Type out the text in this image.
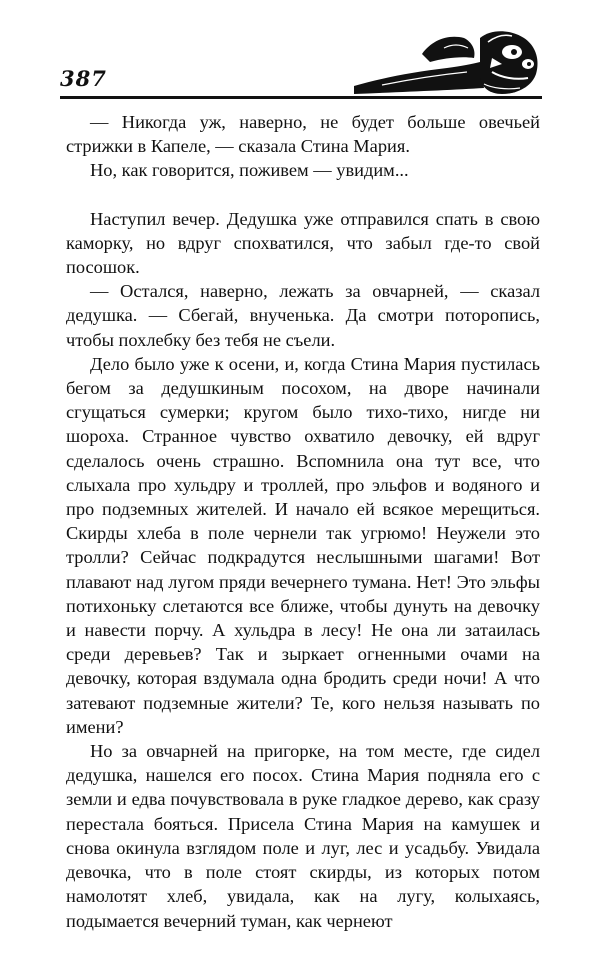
387

— Никогда уж, наверно, не будет больше овечьей стрижки в Капеле, — сказала Стина Мария.

Но, как говорится, поживем — увидим...

Наступил вечер. Дедушка уже отправился спать в свою каморку, но вдруг спохватился, что забыл где-то свой посошок.

— Остался, наверно, лежать за овчарней, — сказал дедушка. — Сбегай, внученька. Да смотри поторопись, чтобы похлебку без тебя не съели.

Дело было уже к осени, и, когда Стина Мария пустилась бегом за дедушкиным посохом, на дворе начинали сгущаться сумерки; кругом было тихо-тихо, нигде ни шороха. Странное чувство охватило девочку, ей вдруг сделалось очень страшно. Вспомнила она тут все, что слыхала про хульдру и троллей, про эльфов и водяного и про подземных жителей. И начало ей всякое мерещиться. Скирды хлеба в поле чернели так угрюмо! Неужели это тролли? Сейчас подкрадутся неслышными шагами! Вот плавают над лугом пряди вечернего тумана. Нет! Это эльфы потихоньку слетаются все ближе, чтобы дунуть на девочку и навести порчу. А хульдра в лесу! Не она ли затаилась среди деревьев? Так и зыркает огненными очами на девочку, которая вздумала одна бродить среди ночи! А что затевают подземные жители? Те, кого нельзя называть по имени?

Но за овчарней на пригорке, на том месте, где сидел дедушка, нашелся его посох. Стина Мария подняла его с земли и едва почувствовала в руке гладкое дерево, как сразу перестала бояться. Присела Стина Мария на камушек и снова окинула взглядом поле и луг, лес и усадьбу. Увидала девочка, что в поле стоят скирды, из которых потом намолотят хлеб, увидала, как на лугу, колыхаясь, подымается вечерний туман, как чернеют
